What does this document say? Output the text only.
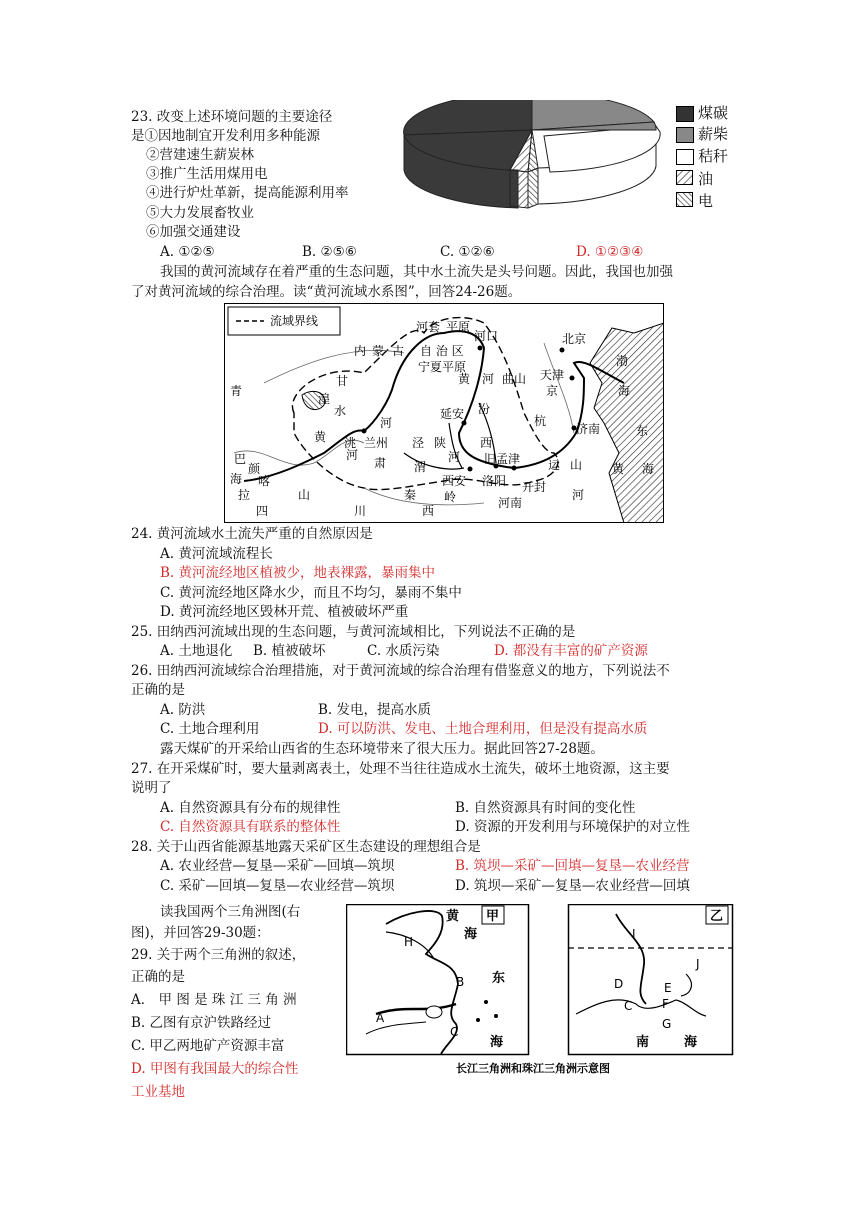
23. 改变上述环境问题的主要途径
是①因地制宜开发利用多种能源
②营建速生薪炭林
③推广生活用煤用电
④进行炉灶革新，提高能源利用率
⑤大力发展畜牧业
⑥加强交通建设
A. ①②⑤	B. ②⑤⑥	C. ①②⑥	D. ①②③④
煤碳
薪柴
秸秆
油
电
我国的黄河流域存在着严重的生态问题，其中水土流失是头号问题。因此，我国也加强
了对黄河流域的综合治理。读“黄河流域水系图”，回答24-26题。
流域界线	河套 平原
河口	北京
内 蒙 古 自 治 区
宁夏平原
天津
京
渤
海
甘	黄 河 曲山
青
湟
水
河
延安 汾
杭
济南	东
黄 洮 兰州 泾 陕	西
河
肃 渭
河	旧孟津 运 山 黄 海
巴
颜
喀
拉	山
西安 洛阳 开封
河
秦 岭
四	川	西
河南
海
24. 黄河流域水土流失严重的自然原因是
A. 黄河流域流程长
B. 黄河流经地区植被少，地表裸露，暴雨集中
C. 黄河流经地区降水少，而且不均匀，暴雨不集中
D. 黄河流经地区毁林开荒、植被破坏严重
25. 田纳西河流域出现的生态问题，与黄河流域相比，下列说法不正确的是
A. 土地退化 B. 植被破坏	C. 水质污染	D. 都没有丰富的矿产资源
26. 田纳西河流域综合治理措施，对于黄河流域的综合治理有借鉴意义的地方，下列说法不
正确的是
A. 防洪	B. 发电，提高水质
C. 土地合理利用	D. 可以防洪、发电、土地合理利用，但是没有提高水质
露天煤矿的开采给山西省的生态环境带来了很大压力。据此回答27-28题。
27. 在开采煤矿时，要大量剥离表土，处理不当往往造成水土流失，破坏土地资源，这主要
说明了
A. 自然资源具有分布的规律性	B. 自然资源具有时间的变化性
C. 自然资源具有联系的整体性	D. 资源的开发利用与环境保护的对立性
28. 关于山西省能源基地露天采矿区生态建设的理想组合是
A. 农业经营—复垦—采矿—回填—筑坝	B. 筑坝—采矿—回填—复垦—农业经营
C. 采矿—回填—复垦—农业经营—筑坝	D. 筑坝—采矿—复垦—农业经营—回填
读我国两个三角洲图(右
图)，并回答29-30题：
29. 关于两个三角洲的叙述，
正确的是
A． 甲 图 是 珠 江 三 角 洲
B. 乙图有京沪铁路经过
C. 甲乙两地矿产资源丰富
D. 甲图有我国最大的综合性
工业基地
甲
黄
海
东
海
H
B
A
C
乙
I
J
D	E
C F
G
南	海
长江三角洲和珠江三角洲示意图
